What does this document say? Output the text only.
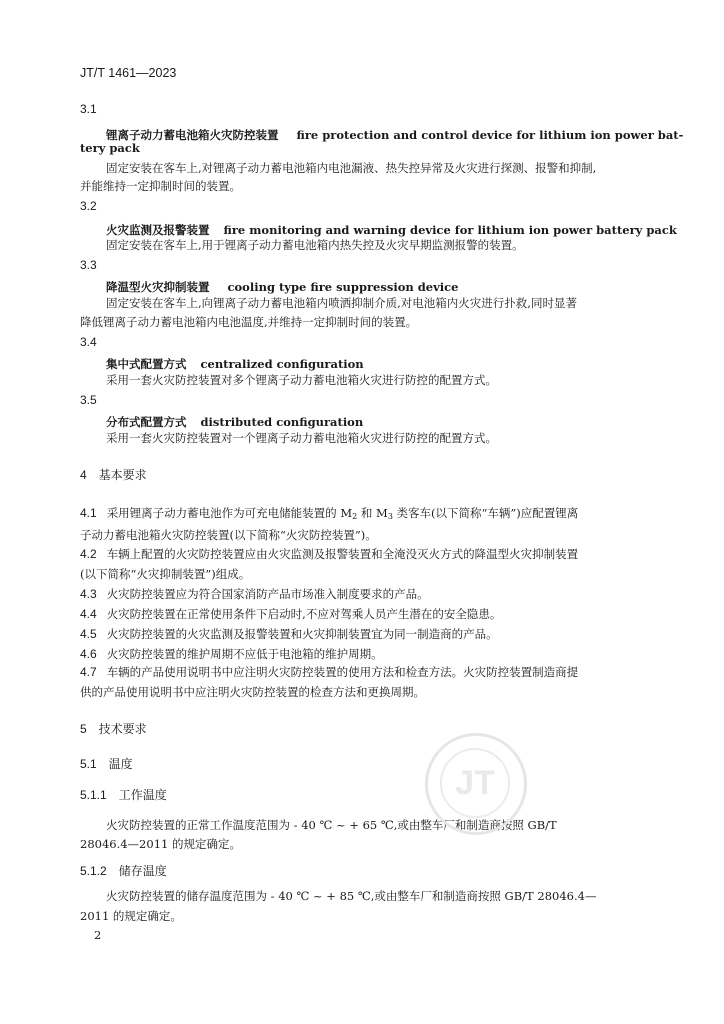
JT/T 1461—2023
3.1
锂离子动力蓄电池箱火灾防控装置 fire protection and control device for lithium ion power bat-
tery pack
固定安装在客车上,对锂离子动力蓄电池箱内电池漏液、热失控异常及火灾进行探测、报警和抑制,
并能维持一定抑制时间的装置。
3.2
火灾监测及报警装置 fire monitoring and warning device for lithium ion power battery pack
固定安装在客车上,用于锂离子动力蓄电池箱内热失控及火灾早期监测报警的装置。
3.3
降温型火灾抑制装置 cooling type fire suppression device
固定安装在客车上,向锂离子动力蓄电池箱内喷洒抑制介质,对电池箱内火灾进行扑救,同时显著
降低锂离子动力蓄电池箱内电池温度,并维持一定抑制时间的装置。
3.4
集中式配置方式 centralized configuration
采用一套火灾防控装置对多个锂离子动力蓄电池箱火灾进行防控的配置方式。
3.5
分布式配置方式 distributed configuration
采用一套火灾防控装置对一个锂离子动力蓄电池箱火灾进行防控的配置方式。
4　基本要求
4.1 采用锂离子动力蓄电池作为可充电储能装置的 $M_2$ 和 $M_3$ 类客车(以下简称“车辆”)应配置锂离
子动力蓄电池箱火灾防控装置(以下简称“火灾防控装置”)。
4.2 车辆上配置的火灾防控装置应由火灾监测及报警装置和全淹没灭火方式的降温型火灾抑制装置
(以下简称“火灾抑制装置”)组成。
4.3 火灾防控装置应为符合国家消防产品市场准入制度要求的产品。
4.4 火灾防控装置在正常使用条件下启动时,不应对驾乘人员产生潜在的安全隐患。
4.5 火灾防控装置的火灾监测及报警装置和火灾抑制装置宜为同一制造商的产品。
4.6 火灾防控装置的维护周期不应低于电池箱的维护周期。
4.7 车辆的产品使用说明书中应注明火灾防控装置的使用方法和检查方法。火灾防控装置制造商提
供的产品使用说明书中应注明火灾防控装置的检查方法和更换周期。
5　技术要求
5.1　温度
5.1.1　工作温度
火灾防控装置的正常工作温度范围为 - 40 ℃ ~ + 65 ℃,或由整车厂和制造商按照 GB/T
28046.4—2011 的规定确定。
5.1.2　储存温度
火灾防控装置的储存温度范围为 - 40 ℃ ~ + 85 ℃,或由整车厂和制造商按照 GB/T 28046.4—
2011 的规定确定。
JT
2
